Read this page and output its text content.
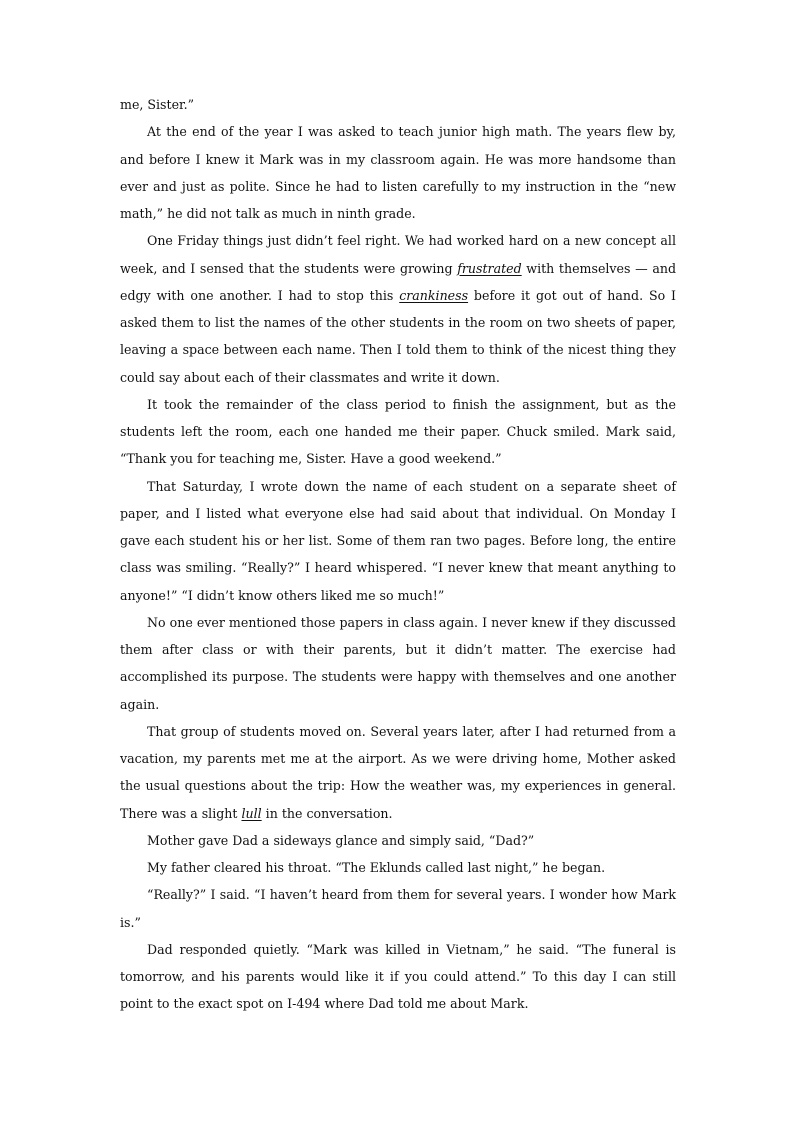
me, Sister.”

At the end of the year I was asked to teach junior high math. The years flew by, and before I knew it Mark was in my classroom again. He was more handsome than ever and just as polite. Since he had to listen carefully to my instruction in the “new math,” he did not talk as much in ninth grade.

One Friday things just didn’t feel right. We had worked hard on a new concept all week, and I sensed that the students were growing frustrated with themselves — and edgy with one another. I had to stop this crankiness before it got out of hand. So I asked them to list the names of the other students in the room on two sheets of paper, leaving a space between each name. Then I told them to think of the nicest thing they could say about each of their classmates and write it down.

It took the remainder of the class period to finish the assignment, but as the students left the room, each one handed me their paper. Chuck smiled. Mark said, “Thank you for teaching me, Sister. Have a good weekend.”

That Saturday, I wrote down the name of each student on a separate sheet of paper, and I listed what everyone else had said about that individual. On Monday I gave each student his or her list. Some of them ran two pages. Before long, the entire class was smiling. “Really?” I heard whispered. “I never knew that meant anything to anyone!” “I didn’t know others liked me so much!”

No one ever mentioned those papers in class again. I never knew if they discussed them after class or with their parents, but it didn’t matter. The exercise had accomplished its purpose. The students were happy with themselves and one another again.

That group of students moved on. Several years later, after I had returned from a vacation, my parents met me at the airport. As we were driving home, Mother asked the usual questions about the trip: How the weather was, my experiences in general. There was a slight lull in the conversation.

Mother gave Dad a sideways glance and simply said, “Dad?”

My father cleared his throat. “The Eklunds called last night,” he began.

“Really?” I said. “I haven’t heard from them for several years. I wonder how Mark is.”

Dad responded quietly. “Mark was killed in Vietnam,” he said. “The funeral is tomorrow, and his parents would like it if you could attend.” To this day I can still point to the exact spot on I-494 where Dad told me about Mark.
